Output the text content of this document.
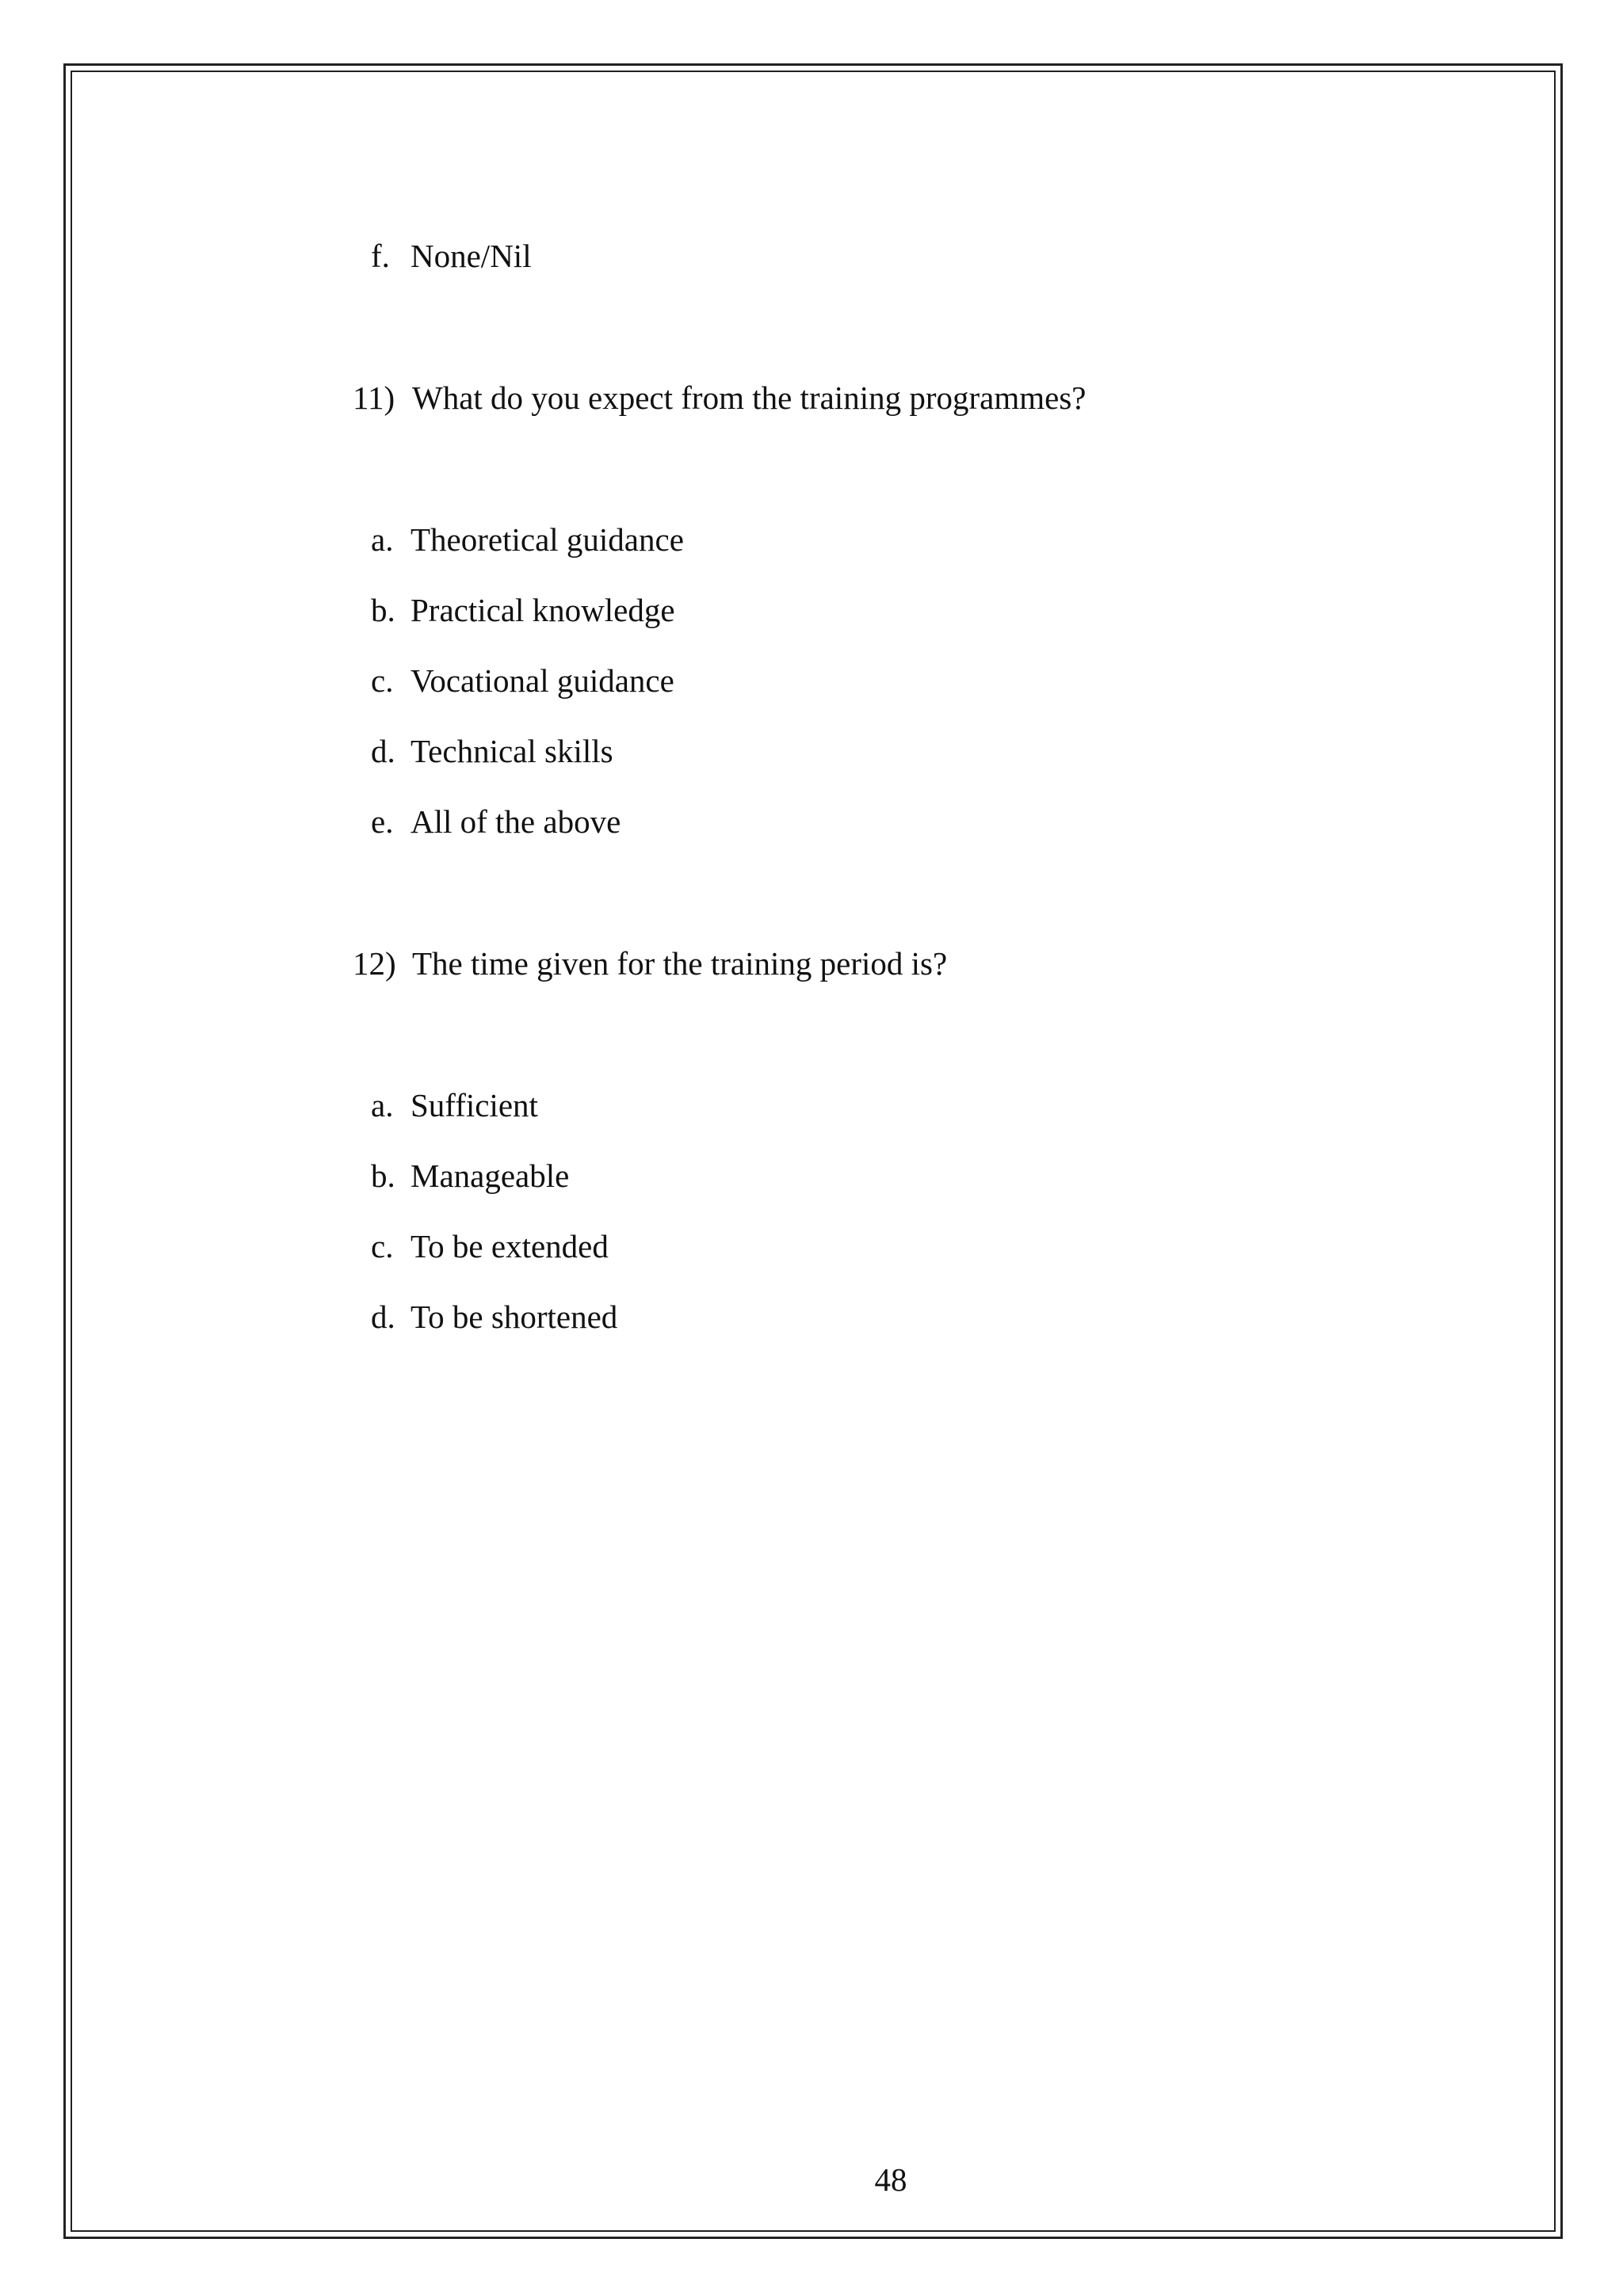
f. None/Nil
11) What do you expect from the training programmes?
a. Theoretical guidance
b. Practical knowledge
c. Vocational guidance
d. Technical skills
e. All of the above
12) The time given for the training period is?
a. Sufficient
b. Manageable
c. To be extended
d. To be shortened
48
